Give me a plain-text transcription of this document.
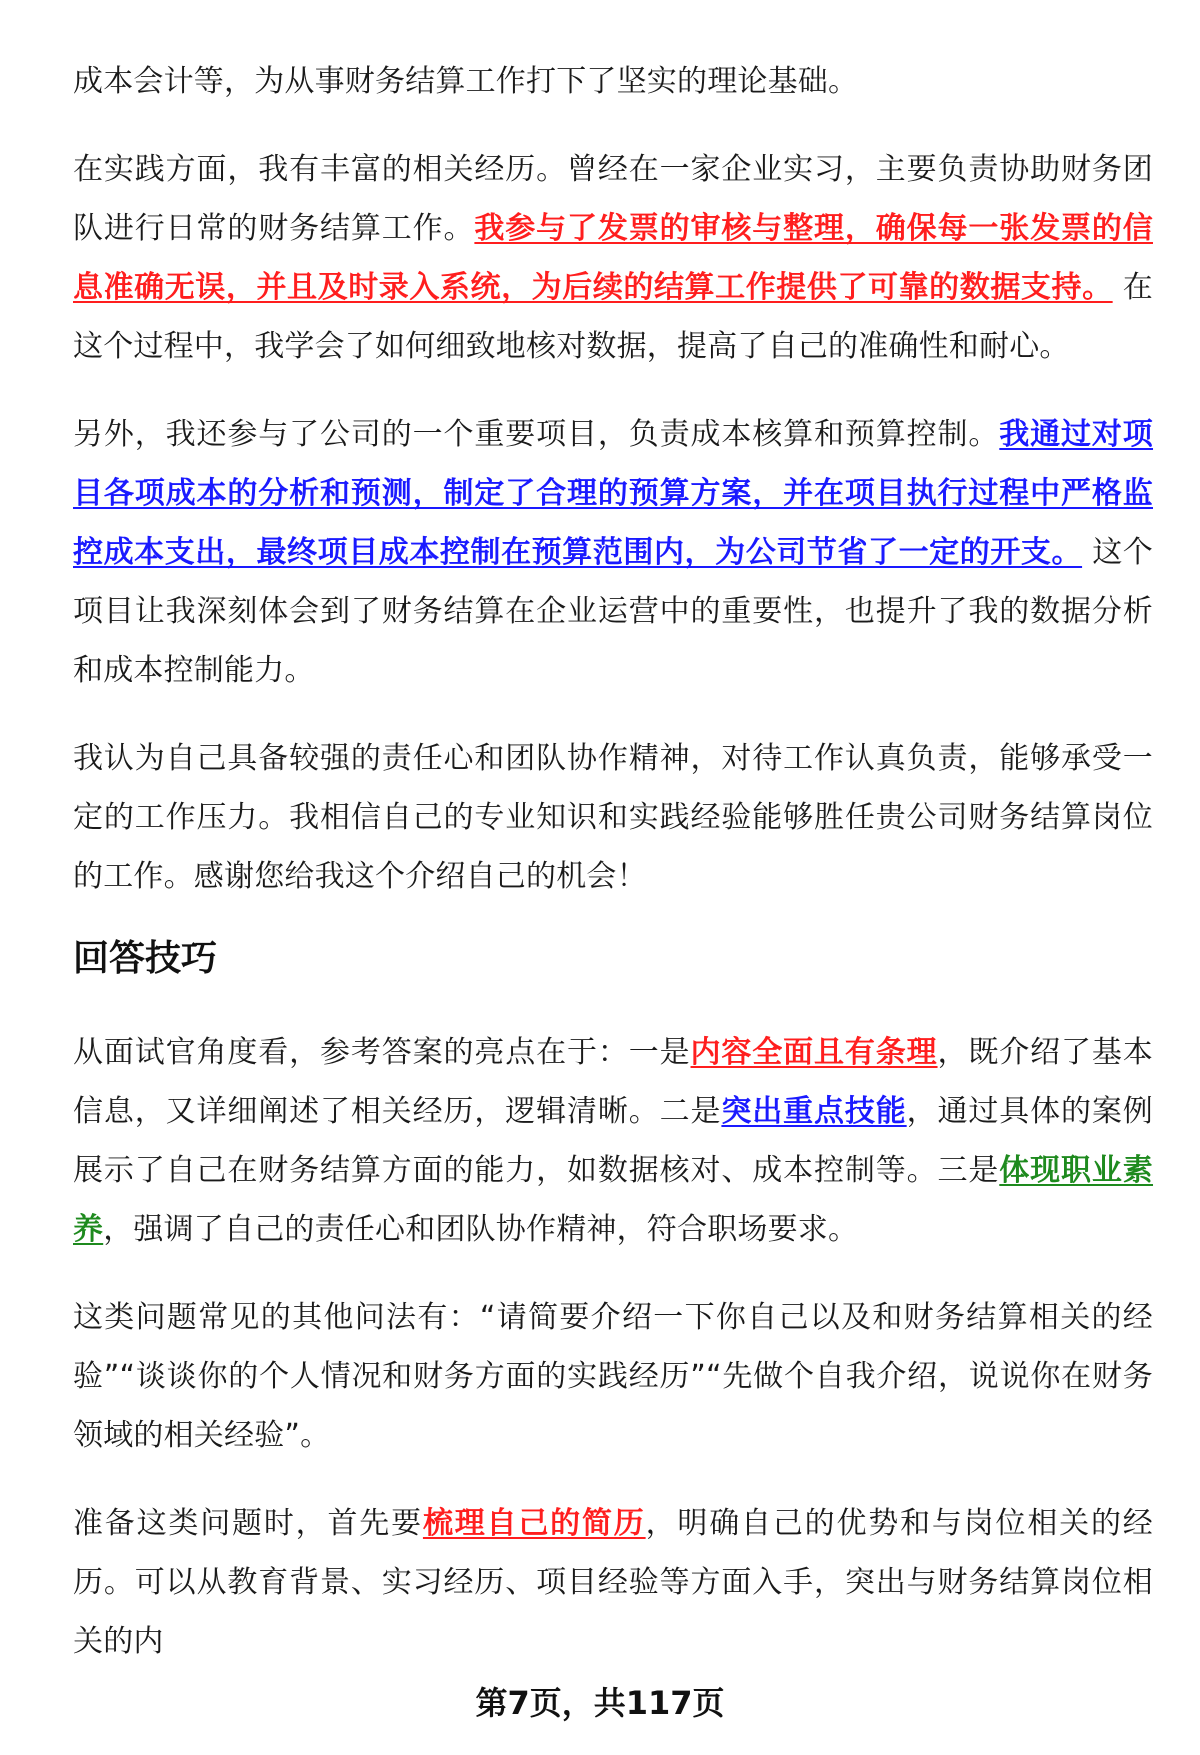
成本会计等，为从事财务结算工作打下了坚实的理论基础。

在实践方面，我有丰富的相关经历。曾经在一家企业实习，主要负责协助财务团队进行日常的财务结算工作。我参与了发票的审核与整理，确保每一张发票的信息准确无误，并且及时录入系统，为后续的结算工作提供了可靠的数据支持。 在这个过程中，我学会了如何细致地核对数据，提高了自己的准确性和耐心。

另外，我还参与了公司的一个重要项目，负责成本核算和预算控制。我通过对项目各项成本的分析和预测，制定了合理的预算方案，并在项目执行过程中严格监控成本支出，最终项目成本控制在预算范围内，为公司节省了一定的开支。 这个项目让我深刻体会到了财务结算在企业运营中的重要性，也提升了我的数据分析和成本控制能力。

我认为自己具备较强的责任心和团队协作精神，对待工作认真负责，能够承受一定的工作压力。我相信自己的专业知识和实践经验能够胜任贵公司财务结算岗位的工作。感谢您给我这个介绍自己的机会！

回答技巧

从面试官角度看，参考答案的亮点在于：一是内容全面且有条理，既介绍了基本信息，又详细阐述了相关经历，逻辑清晰。二是突出重点技能，通过具体的案例展示了自己在财务结算方面的能力，如数据核对、成本控制等。三是体现职业素养，强调了自己的责任心和团队协作精神，符合职场要求。

这类问题常见的其他问法有：“请简要介绍一下你自己以及和财务结算相关的经验”“谈谈你的个人情况和财务方面的实践经历”“先做个自我介绍，说说你在财务领域的相关经验”。

准备这类问题时，首先要梳理自己的简历，明确自己的优势和与岗位相关的经历。可以从教育背景、实习经历、项目经验等方面入手，突出与财务结算岗位相关的内

第7页，共117页
